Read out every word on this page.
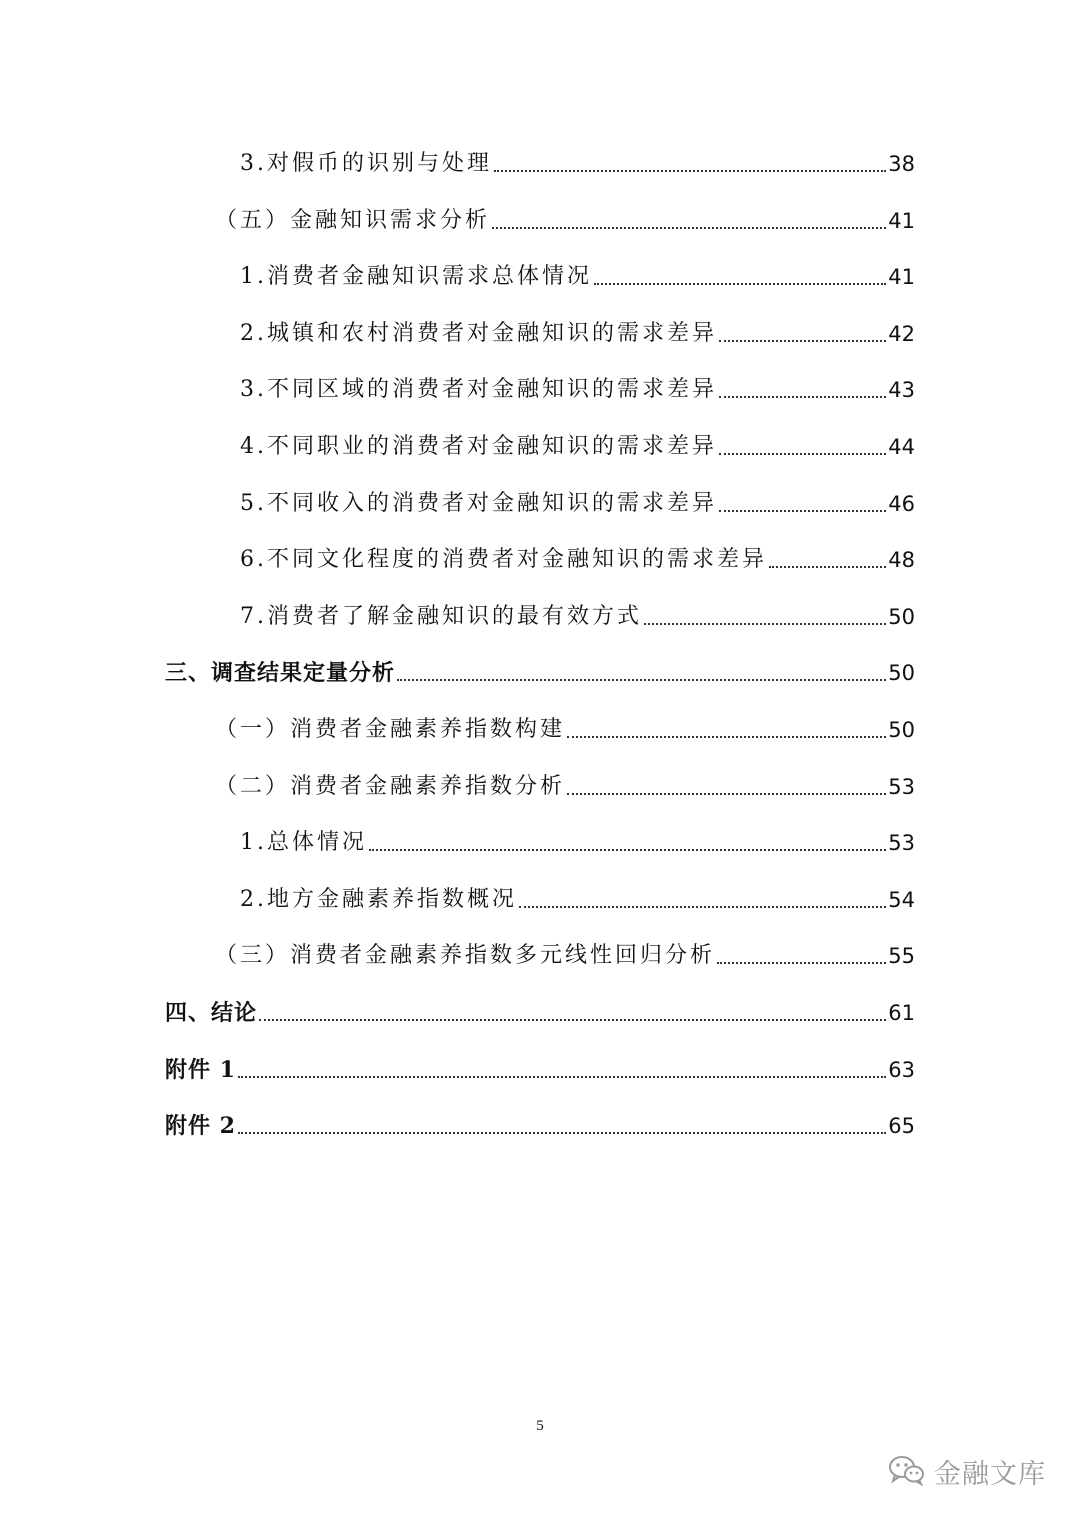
3.对假币的识别与处理	38
（五）金融知识需求分析	41
1.消费者金融知识需求总体情况	41
2.城镇和农村消费者对金融知识的需求差异	42
3.不同区域的消费者对金融知识的需求差异	43
4.不同职业的消费者对金融知识的需求差异	44
5.不同收入的消费者对金融知识的需求差异	46
6.不同文化程度的消费者对金融知识的需求差异	48
7.消费者了解金融知识的最有效方式	50
三、调查结果定量分析	50
（一）消费者金融素养指数构建	50
（二）消费者金融素养指数分析	53
1.总体情况	53
2.地方金融素养指数概况	54
（三）消费者金融素养指数多元线性回归分析	55
四、结论	61
附件 1	63
附件 2	65
5
金融文库
